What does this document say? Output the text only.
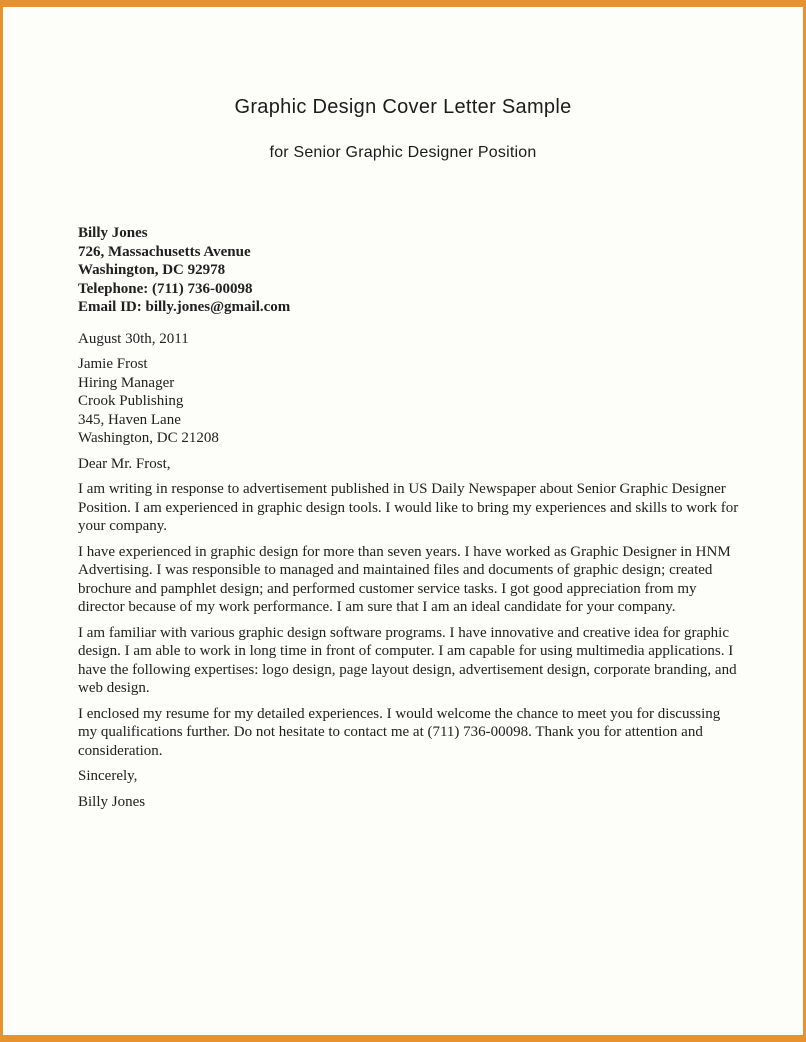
Graphic Design Cover Letter Sample
for Senior Graphic Designer Position
Billy Jones
726, Massachusetts Avenue
Washington, DC 92978
Telephone: (711) 736-00098
Email ID: billy.jones@gmail.com
August 30th, 2011
Jamie Frost
Hiring Manager
Crook Publishing
345, Haven Lane
Washington, DC 21208
Dear Mr. Frost,

I am writing in response to advertisement published in US Daily Newspaper about Senior Graphic Designer Position. I am experienced in graphic design tools. I would like to bring my experiences and skills to work for your company.

I have experienced in graphic design for more than seven years. I have worked as Graphic Designer in HNM Advertising. I was responsible to managed and maintained files and documents of graphic design; created brochure and pamphlet design; and performed customer service tasks. I got good appreciation from my director because of my work performance. I am sure that I am an ideal candidate for your company.

I am familiar with various graphic design software programs. I have innovative and creative idea for graphic design. I am able to work in long time in front of computer. I am capable for using multimedia applications. I have the following expertises: logo design, page layout design, advertisement design, corporate branding, and web design.

I enclosed my resume for my detailed experiences. I would welcome the chance to meet you for discussing my qualifications further. Do not hesitate to contact me at (711) 736-00098. Thank you for attention and consideration.

Sincerely,
Billy Jones
